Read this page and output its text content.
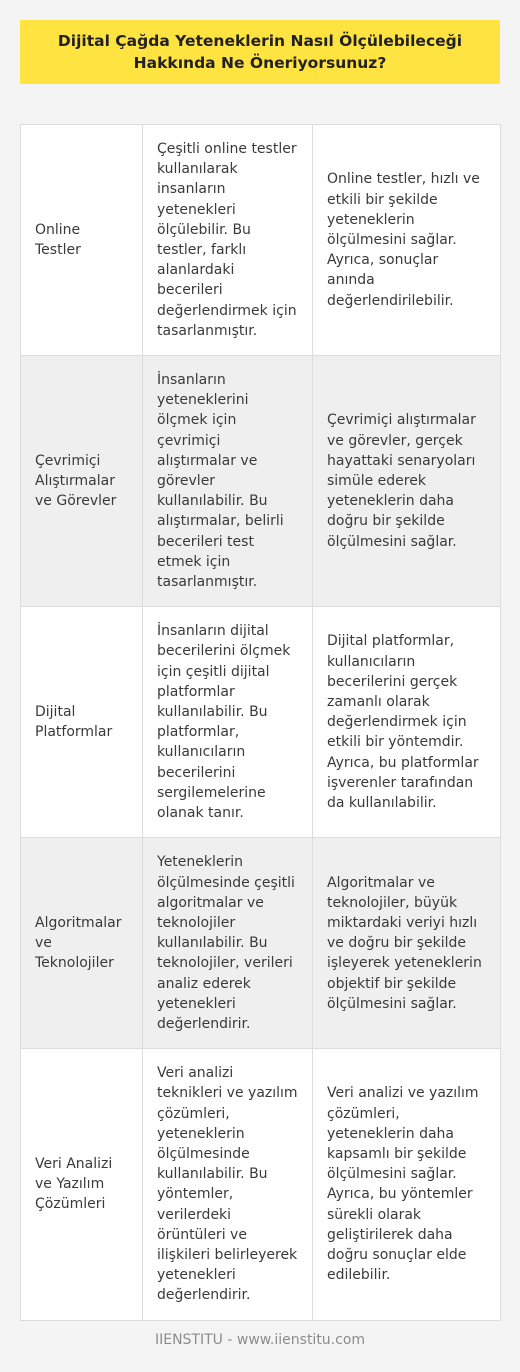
Dijital Çağda Yeteneklerin Nasıl Ölçülebileceği Hakkında Ne Öneriyorsunuz?
Online Testler	Çeşitli online testler kullanılarak insanların yetenekleri ölçülebilir. Bu testler, farklı alanlardaki becerileri değerlendirmek için tasarlanmıştır.	Online testler, hızlı ve etkili bir şekilde yeteneklerin ölçülmesini sağlar. Ayrıca, sonuçlar anında değerlendirilebilir.
Çevrimiçi Alıştırmalar ve Görevler	İnsanların yeteneklerini ölçmek için çevrimiçi alıştırmalar ve görevler kullanılabilir. Bu alıştırmalar, belirli becerileri test etmek için tasarlanmıştır.	Çevrimiçi alıştırmalar ve görevler, gerçek hayattaki senaryoları simüle ederek yeteneklerin daha doğru bir şekilde ölçülmesini sağlar.
Dijital Platformlar	İnsanların dijital becerilerini ölçmek için çeşitli dijital platformlar kullanılabilir. Bu platformlar, kullanıcıların becerilerini sergilemelerine olanak tanır.	Dijital platformlar, kullanıcıların becerilerini gerçek zamanlı olarak değerlendirmek için etkili bir yöntemdir. Ayrıca, bu platformlar işverenler tarafından da kullanılabilir.
Algoritmalar ve Teknolojiler	Yeteneklerin ölçülmesinde çeşitli algoritmalar ve teknolojiler kullanılabilir. Bu teknolojiler, verileri analiz ederek yetenekleri değerlendirir.	Algoritmalar ve teknolojiler, büyük miktardaki veriyi hızlı ve doğru bir şekilde işleyerek yeteneklerin objektif bir şekilde ölçülmesini sağlar.
Veri Analizi ve Yazılım Çözümleri	Veri analizi teknikleri ve yazılım çözümleri, yeteneklerin ölçülmesinde kullanılabilir. Bu yöntemler, verilerdeki örüntüleri ve ilişkileri belirleyerek yetenekleri değerlendirir.	Veri analizi ve yazılım çözümleri, yeteneklerin daha kapsamlı bir şekilde ölçülmesini sağlar. Ayrıca, bu yöntemler sürekli olarak geliştirilerek daha doğru sonuçlar elde edilebilir.
IIENSTITU - www.iienstitu.com
